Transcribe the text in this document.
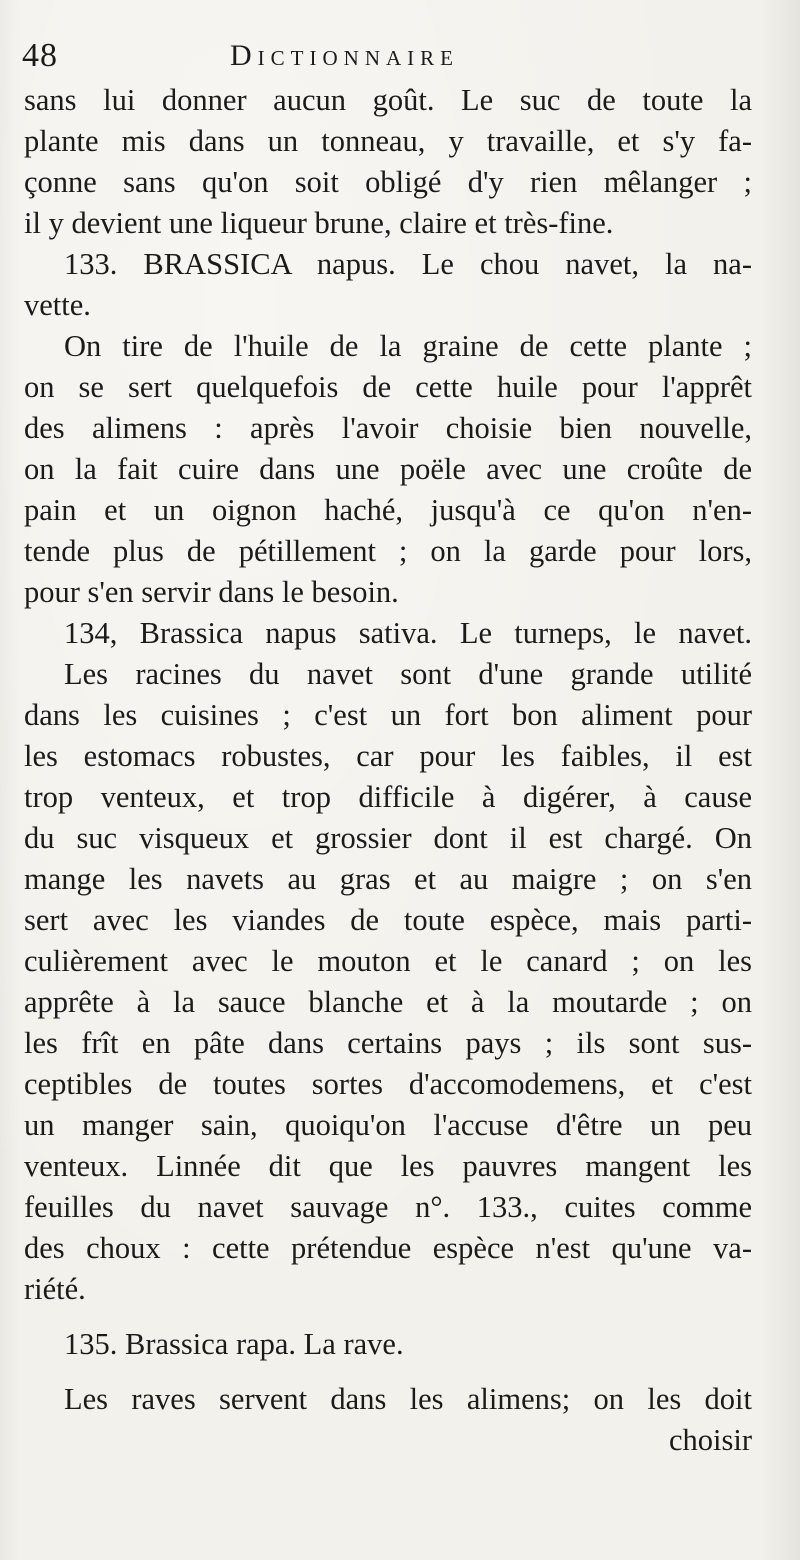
48	Dictionnaire
sans lui donner aucun goût. Le suc de toute la
plante mis dans un tonneau, y travaille, et s'y fa-
çonne sans qu'on soit obligé d'y rien mêlanger ;
il y devient une liqueur brune, claire et très-fine.
133. BRASSICA napus. Le chou navet, la na-
vette.
On tire de l'huile de la graine de cette plante ;
on se sert quelquefois de cette huile pour l'apprêt
des alimens : après l'avoir choisie bien nouvelle,
on la fait cuire dans une poële avec une croûte de
pain et un oignon haché, jusqu'à ce qu'on n'en-
tende plus de pétillement ; on la garde pour lors,
pour s'en servir dans le besoin.
134, Brassica napus sativa. Le turneps, le navet.
Les racines du navet sont d'une grande utilité
dans les cuisines ; c'est un fort bon aliment pour
les estomacs robustes, car pour les faibles, il est
trop venteux, et trop difficile à digérer, à cause
du suc visqueux et grossier dont il est chargé. On
mange les navets au gras et au maigre ; on s'en
sert avec les viandes de toute espèce, mais parti-
culièrement avec le mouton et le canard ; on les
apprête à la sauce blanche et à la moutarde ; on
les frît en pâte dans certains pays ; ils sont sus-
ceptibles de toutes sortes d'accomodemens, et c'est
un manger sain, quoiqu'on l'accuse d'être un peu
venteux. Linnée dit que les pauvres mangent les
feuilles du navet sauvage n°. 133., cuites comme
des choux : cette prétendue espèce n'est qu'une va-
riété.
135. Brassica rapa. La rave.
Les raves servent dans les alimens; on les doit
choisir
